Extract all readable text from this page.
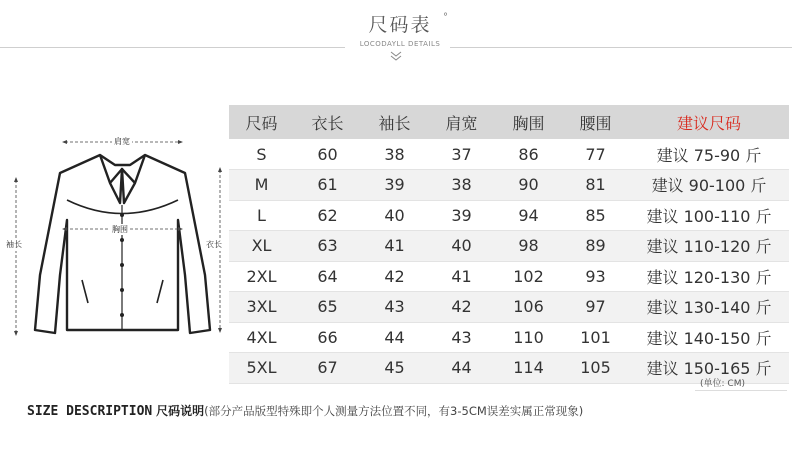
尺码表 °
LOCODAYLL DETAILS
肩宽
胸围
袖长	衣长
尺码	衣长	袖长	肩宽	胸围	腰围	建议尺码
S	60	38	37	86	77	建议 75-90 斤
M	61	39	38	90	81	建议 90-100 斤
L	62	40	39	94	85	建议 100-110 斤
XL	63	41	40	98	89	建议 110-120 斤
2XL	64	42	41	102	93	建议 120-130 斤
3XL	65	43	42	106	97	建议 130-140 斤
4XL	66	44	43	110	101	建议 140-150 斤
5XL	67	45	44	114	105	建议 150-165 斤
(单位: CM)
SIZE DESCRIPTION 尺码说明(部分产品版型特殊即个人测量方法位置不同，有3-5CM误差实属正常现象)
